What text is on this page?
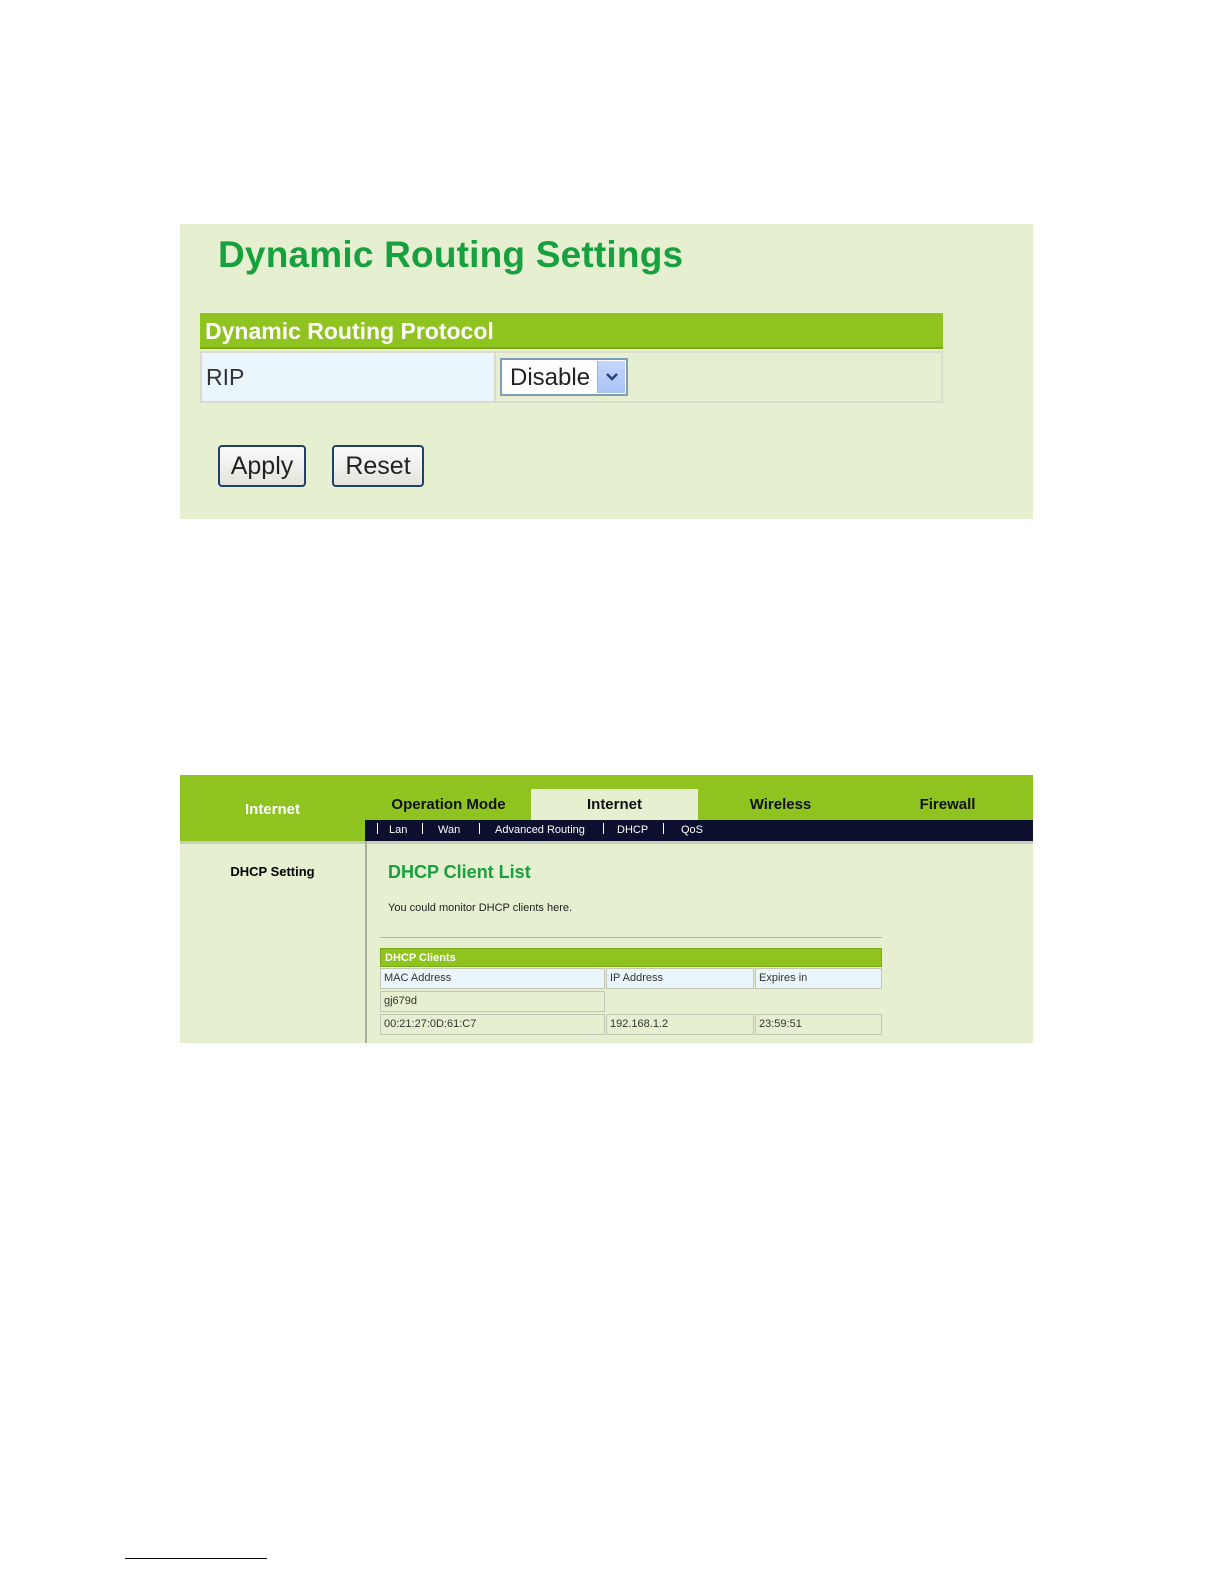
Dynamic Routing Settings
Dynamic Routing Protocol
RIP	Disable
Apply	Reset
Internet	Operation Mode	Internet	Wireless	Firewall
Lan	Wan	Advanced Routing	DHCP	QoS
DHCP Setting	DHCP Client List

You could monitor DHCP clients here.

DHCP Clients
MAC Address	IP Address	Expires in
gj679d
00:21:27:0D:61:C7	192.168.1.2	23:59:51
